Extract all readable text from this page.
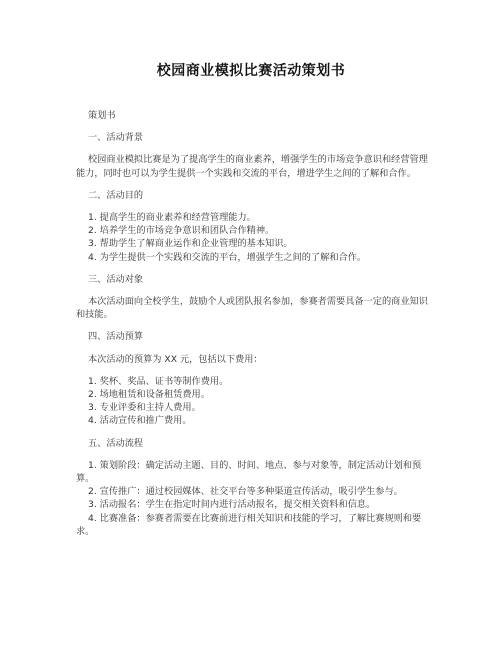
校园商业模拟比赛活动策划书

策划书

一、活动背景

校园商业模拟比赛是为了提高学生的商业素养，增强学生的市场竞争意识和经营管理能力，同时也可以为学生提供一个实践和交流的平台，增进学生之间的了解和合作。

二、活动目的

1. 提高学生的商业素养和经营管理能力。
2. 培养学生的市场竞争意识和团队合作精神。
3. 帮助学生了解商业运作和企业管理的基本知识。
4. 为学生提供一个实践和交流的平台，增强学生之间的了解和合作。

三、活动对象

本次活动面向全校学生，鼓励个人或团队报名参加，参赛者需要具备一定的商业知识和技能。

四、活动预算

本次活动的预算为 XX 元，包括以下费用：

1. 奖杯、奖品、证书等制作费用。
2. 场地租赁和设备租赁费用。
3. 专业评委和主持人费用。
4. 活动宣传和推广费用。

五、活动流程

1. 策划阶段：确定活动主题、目的、时间、地点、参与对象等，制定活动计划和预算。
2. 宣传推广：通过校园媒体、社交平台等多种渠道宣传活动，吸引学生参与。
3. 活动报名：学生在指定时间内进行活动报名，提交相关资料和信息。
4. 比赛准备：参赛者需要在比赛前进行相关知识和技能的学习，了解比赛规则和要求。
